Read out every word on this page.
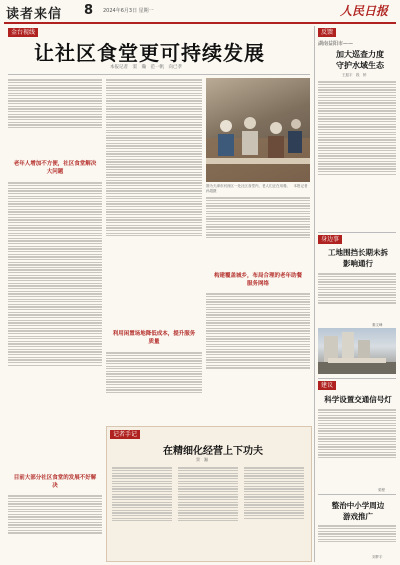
读者来信 8 2024年6月3日 星期一	人民日报
金台视线
让社区食堂更可持续发展
本报记者　窦　瀚　范一帆　向已孝
老年人增加不方便，社区食堂解决大问题
目前大部分社区食堂的发展不好解决
利用闲置场地降低成本，提升服务质量
图为天津市河西区一处社区食堂内，老人们正在用餐。　本报记者　孙超摄
构建覆盖城乡，布局合理的老年助餐服务网络
记者手记
在精细化经营上下功夫
窦　瀚
反馈
湖南益阳市——
加大巡查力度
守护水域生态
王振宇　段　桥
身边事
工地围挡长期未拆
影响通行
秦文峰
建议
科学设置交通信号灯
梁程
整治中小学周边
游戏推广
刘梦宇
